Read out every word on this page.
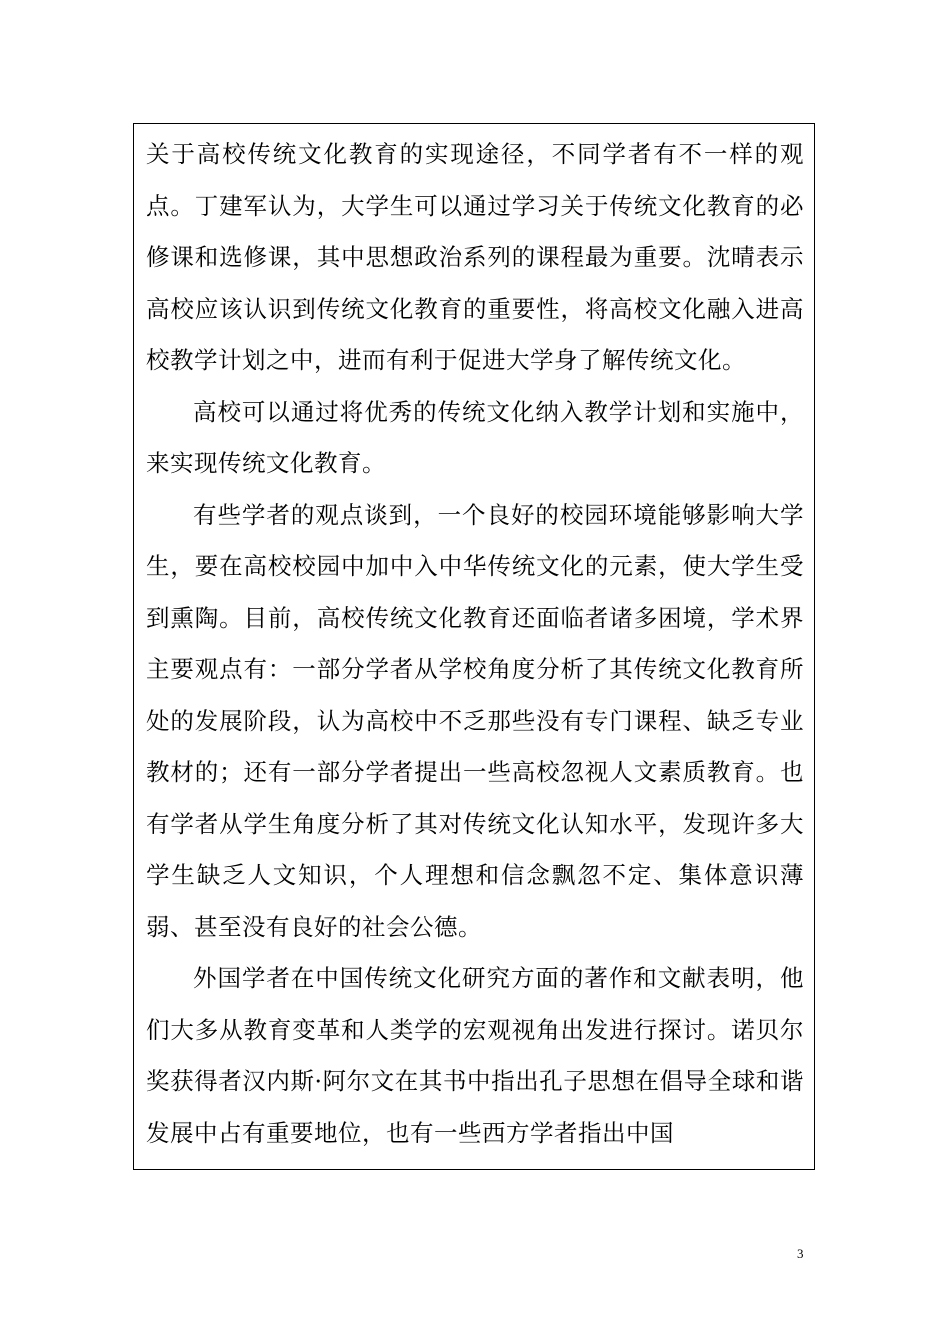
关于高校传统文化教育的实现途径，不同学者有不一样的观点。丁建军认为，大学生可以通过学习关于传统文化教育的必修课和选修课，其中思想政治系列的课程最为重要。沈晴表示高校应该认识到传统文化教育的重要性，将高校文化融入进高校教学计划之中，进而有利于促进大学身了解传统文化。

高校可以通过将优秀的传统文化纳入教学计划和实施中，来实现传统文化教育。

有些学者的观点谈到，一个良好的校园环境能够影响大学生，要在高校校园中加中入中华传统文化的元素，使大学生受到熏陶。目前，高校传统文化教育还面临者诸多困境，学术界主要观点有：一部分学者从学校角度分析了其传统文化教育所处的发展阶段，认为高校中不乏那些没有专门课程、缺乏专业教材的；还有一部分学者提出一些高校忽视人文素质教育。也有学者从学生角度分析了其对传统文化认知水平，发现许多大学生缺乏人文知识，个人理想和信念飘忽不定、集体意识薄弱、甚至没有良好的社会公德。

外国学者在中国传统文化研究方面的著作和文献表明，他们大多从教育变革和人类学的宏观视角出发进行探讨。诺贝尔奖获得者汉内斯·阿尔文在其书中指出孔子思想在倡导全球和谐发展中占有重要地位，也有一些西方学者指出中国

3
